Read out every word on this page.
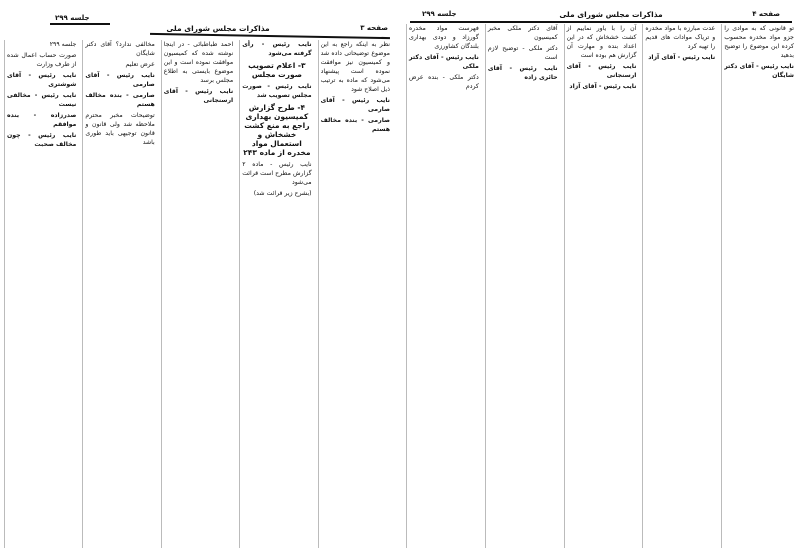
جلسه ۲۹۹
مذاکرات مجلس شورای ملی	صفحه ۳

نظر به اینکه راجع به این موضوع توضیحاتی داده شد و کمیسیون نیز موافقت نموده است پیشنهاد می‌شود که ماده به ترتیب ذیل اصلاح شود

نایب رئیس - آقای صارمی

صارمی - بنده مخالف هستم

نایب رئیس - رأی گرفته می‌شود

۳- اعلام تصویب صورت مجلس

نایب رئیس - صورت مجلس تصویب شد

۴- طرح گزارش کمیسیون بهداری راجع به منع کشت خشخاش و استعمال مواد مخدره از ماده ۲۴۳

نایب رئیس - ماده ۲ گزارش مطرح است قرائت می‌شود

(بشرح زیر قرائت شد)

احمد طباطبائی - در اینجا نوشته شده که کمیسیون موافقت نموده است و این موضوع بایستی به اطلاع مجلس برسد

نایب رئیس - آقای ارسنجانی

مخالفی ندارد؟ آقای دکتر شایگان

عرض تعلیم

نایب رئیس - آقای صارمی

صارمی - بنده مخالف هستم

توضیحات مخبر محترم ملاحظه شد ولی قانون و قانون توجیهی باید طوری باشد

جلسه ۲۹۹

صورت حساب اعمال شده از طرف وزارت

نایب رئیس - آقای شوشتری

نایب رئیس - مخالفی نیست

صدرزاده - بنده موافقم

نایب رئیس - چون مخالف صحبت

جلسه ۲۹۹	مذاکرات مجلس شورای ملی	صفحه ۴

تو قانونی که به موادی را جزو مواد مخدره محسوب کرده این موضوع را توضیح بدهید

نایب رئیس - آقای دکتر شایگان

عدت مبارزه با مواد مخدره و تریاک موادات های قدیم را تهیه کرد

نایب رئیس - آقای آزاد

آن را با یاور نماییم از کشت خشخاش که در این اعداد بنده و مهارت آن گزارش هم بوده است

نایب رئیس - آقای ارسنجانی

نایب رئیس - آقای آزاد

آقای دکتر ملکی مخبر کمیسیون

دکتر ملکی - توضیح لازم است

نایب رئیس - آقای حائری زاده

فهرست مواد مخدره گورزاد و دودی بهداری بلندگان کشاورزی

نایب رئیس - آقای دکتر ملکی

دکتر ملکی - بنده عرض کردم
